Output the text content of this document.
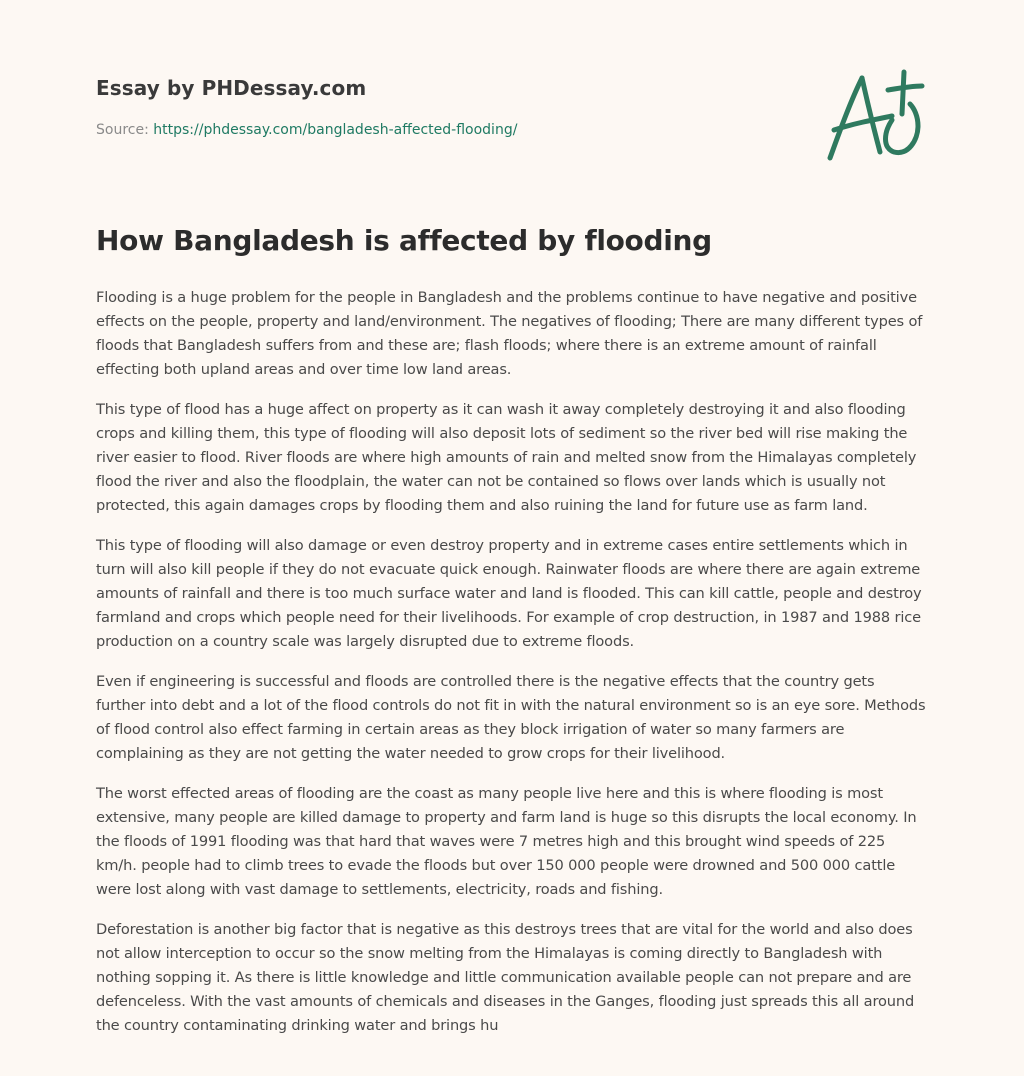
Essay by PHDessay.com
Source: https://phdessay.com/bangladesh-affected-flooding/
How Bangladesh is affected by flooding

Flooding is a huge problem for the people in Bangladesh and the problems continue to have negative and positive effects on the people, property and land/environment. The negatives of flooding; There are many different types of floods that Bangladesh suffers from and these are; flash floods; where there is an extreme amount of rainfall effecting both upland areas and over time low land areas.

This type of flood has a huge affect on property as it can wash it away completely destroying it and also flooding crops and killing them, this type of flooding will also deposit lots of sediment so the river bed will rise making the river easier to flood. River floods are where high amounts of rain and melted snow from the Himalayas completely flood the river and also the floodplain, the water can not be contained so flows over lands which is usually not protected, this again damages crops by flooding them and also ruining the land for future use as farm land.

This type of flooding will also damage or even destroy property and in extreme cases entire settlements which in turn will also kill people if they do not evacuate quick enough. Rainwater floods are where there are again extreme amounts of rainfall and there is too much surface water and land is flooded. This can kill cattle, people and destroy farmland and crops which people need for their livelihoods. For example of crop destruction, in 1987 and 1988 rice production on a country scale was largely disrupted due to extreme floods.

Even if engineering is successful and floods are controlled there is the negative effects that the country gets further into debt and a lot of the flood controls do not fit in with the natural environment so is an eye sore. Methods of flood control also effect farming in certain areas as they block irrigation of water so many farmers are complaining as they are not getting the water needed to grow crops for their livelihood.

The worst effected areas of flooding are the coast as many people live here and this is where flooding is most extensive, many people are killed damage to property and farm land is huge so this disrupts the local economy. In the floods of 1991 flooding was that hard that waves were 7 metres high and this brought wind speeds of 225 km/h. people had to climb trees to evade the floods but over 150 000 people were drowned and 500 000 cattle were lost along with vast damage to settlements, electricity, roads and fishing.

Deforestation is another big factor that is negative as this destroys trees that are vital for the world and also does not allow interception to occur so the snow melting from the Himalayas is coming directly to Bangladesh with nothing sopping it. As there is little knowledge and little communication available people can not prepare and are defenceless. With the vast amounts of chemicals and diseases in the Ganges, flooding just spreads this all around the country contaminating drinking water and brings hu
